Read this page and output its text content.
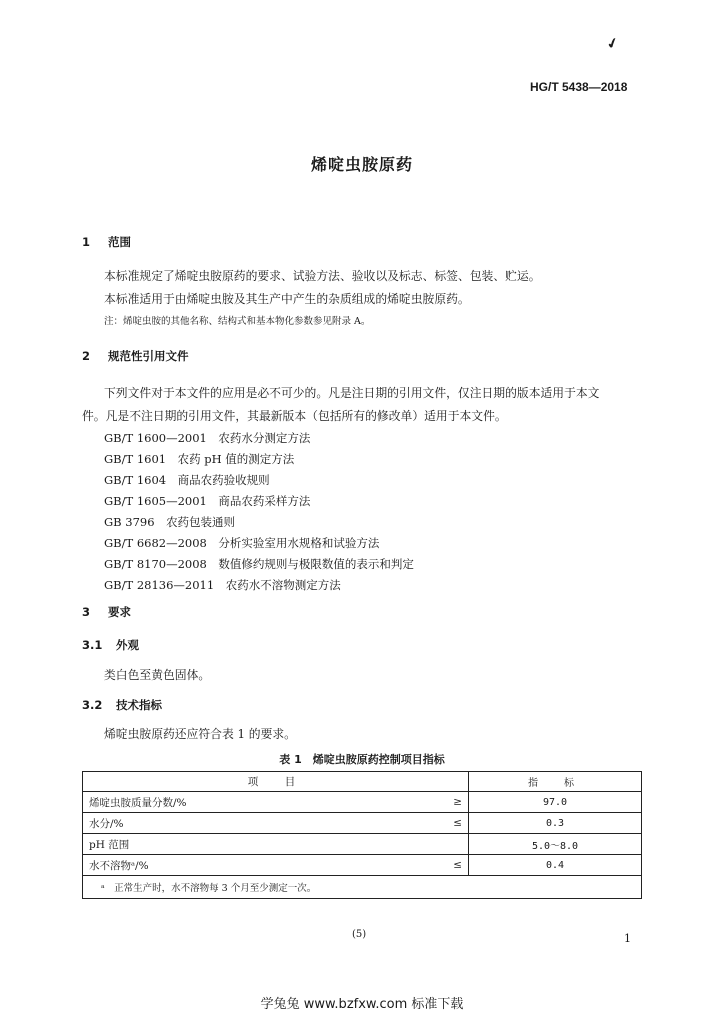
✔
HG/T 5438—2018
烯啶虫胺原药
1 范围
本标准规定了烯啶虫胺原药的要求、试验方法、验收以及标志、标签、包装、贮运。
本标准适用于由烯啶虫胺及其生产中产生的杂质组成的烯啶虫胺原药。
注：烯啶虫胺的其他名称、结构式和基本物化参数参见附录 A。
2 规范性引用文件
下列文件对于本文件的应用是必不可少的。凡是注日期的引用文件，仅注日期的版本适用于本文
件。凡是不注日期的引用文件，其最新版本（包括所有的修改单）适用于本文件。
GB/T 1600—2001　 农药水分测定方法
GB/T 1601　 农药 pH 值的测定方法
GB/T 1604　 商品农药验收规则
GB/T 1605—2001　 商品农药采样方法
GB 3796　 农药包装通则
GB/T 6682—2008　 分析实验室用水规格和试验方法
GB/T 8170—2008　 数值修约规则与极限数值的表示和判定
GB/T 28136—2011　 农药水不溶物测定方法
3 要求
3.1 外观
类白色至黄色固体。
3.2 技术指标
烯啶虫胺原药还应符合表 1 的要求。
表 1　烯啶虫胺原药控制项目指标
项　目		指　标
烯啶虫胺质量分数/%	≥	97.0
水分/%	≤	0.3
pH 范围		5.0～8.0
水不溶物ᵃ/%	≤	0.4
ᵃ　正常生产时，水不溶物每 3 个月至少测定一次。		
(5)	1
学兔兔 www.bzfxw.com 标准下载
